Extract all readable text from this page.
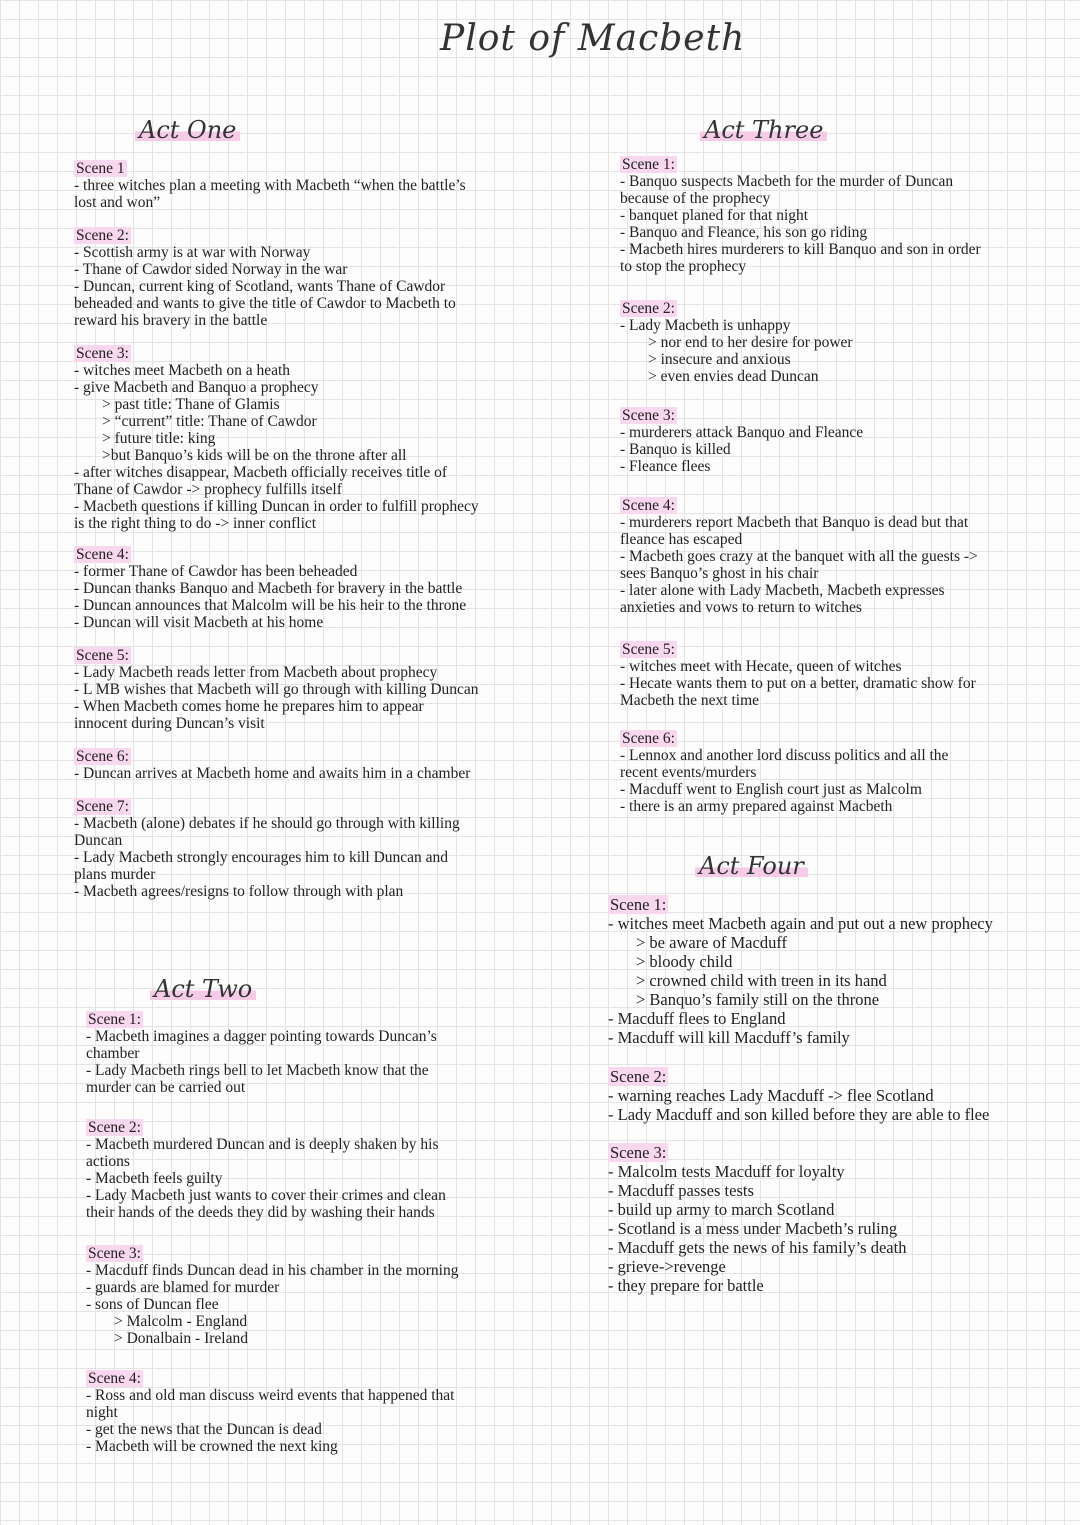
Plot of Macbeth
Act One
Scene 1

- three witches plan a meeting with Macbeth “when the battle’s

lost and won”

Scene 2:

- Scottish army is at war with Norway

- Thane of Cawdor sided Norway in the war

- Duncan, current king of Scotland, wants Thane of Cawdor

beheaded and wants to give the title of Cawdor to Macbeth to

reward his bravery in the battle

Scene 3:

- witches meet Macbeth on a heath

- give Macbeth and Banquo a prophecy

> past title: Thane of Glamis

> “current” title: Thane of Cawdor

> future title: king

>but Banquo’s kids will be on the throne after all

- after witches disappear, Macbeth officially receives title of

Thane of Cawdor -> prophecy fulfills itself

- Macbeth questions if killing Duncan in order to fulfill prophecy

is the right thing to do -> inner conflict

Scene 4:

- former Thane of Cawdor has been beheaded

- Duncan thanks Banquo and Macbeth for bravery in the battle

- Duncan announces that Malcolm will be his heir to the throne

- Duncan will visit Macbeth at his home

Scene 5:

- Lady Macbeth reads letter from Macbeth about prophecy

- L MB wishes that Macbeth will go through with killing Duncan

- When Macbeth comes home he prepares him to appear

innocent during Duncan’s visit

Scene 6:

- Duncan arrives at Macbeth home and awaits him in a chamber

Scene 7:

- Macbeth (alone) debates if he should go through with killing

Duncan

- Lady Macbeth strongly encourages him to kill Duncan and

plans murder

- Macbeth agrees/resigns to follow through with plan

Act Two
Scene 1:

- Macbeth imagines a dagger pointing towards Duncan’s

chamber

- Lady Macbeth rings bell to let Macbeth know that the

murder can be carried out

Scene 2:

- Macbeth murdered Duncan and is deeply shaken by his

actions

- Macbeth feels guilty

- Lady Macbeth just wants to cover their crimes and clean

their hands of the deeds they did by washing their hands

Scene 3:

- Macduff finds Duncan dead in his chamber in the morning

- guards are blamed for murder

- sons of Duncan flee

> Malcolm - England

> Donalbain - Ireland

Scene 4:

- Ross and old man discuss weird events that happened that

night

- get the news that the Duncan is dead

- Macbeth will be crowned the next king

Act Three
Scene 1:

- Banquo suspects Macbeth for the murder of Duncan

because of the prophecy

- banquet planed for that night

- Banquo and Fleance, his son go riding

- Macbeth hires murderers to kill Banquo and son in order

to stop the prophecy

Scene 2:

- Lady Macbeth is unhappy

> nor end to her desire for power

> insecure and anxious

> even envies dead Duncan

Scene 3:

- murderers attack Banquo and Fleance

- Banquo is killed

- Fleance flees

Scene 4:

- murderers report Macbeth that Banquo is dead but that

fleance has escaped

- Macbeth goes crazy at the banquet with all the guests ->

sees Banquo’s ghost in his chair

- later alone with Lady Macbeth, Macbeth expresses

anxieties and vows to return to witches

Scene 5:

- witches meet with Hecate, queen of witches

- Hecate wants them to put on a better, dramatic show for

Macbeth the next time

Scene 6:

- Lennox and another lord discuss politics and all the

recent events/murders

- Macduff went to English court just as Malcolm

- there is an army prepared against Macbeth

Act Four
Scene 1:

- witches meet Macbeth again and put out a new prophecy

> be aware of Macduff

> bloody child

> crowned child with treen in its hand

> Banquo’s family still on the throne

- Macduff flees to England

- Macduff will kill Macduff’s family

Scene 2:

- warning reaches Lady Macduff -> flee Scotland

- Lady Macduff and son killed before they are able to flee

Scene 3:

- Malcolm tests Macduff for loyalty

- Macduff passes tests

- build up army to march Scotland

- Scotland is a mess under Macbeth’s ruling

- Macduff gets the news of his family’s death

- grieve->revenge

- they prepare for battle
